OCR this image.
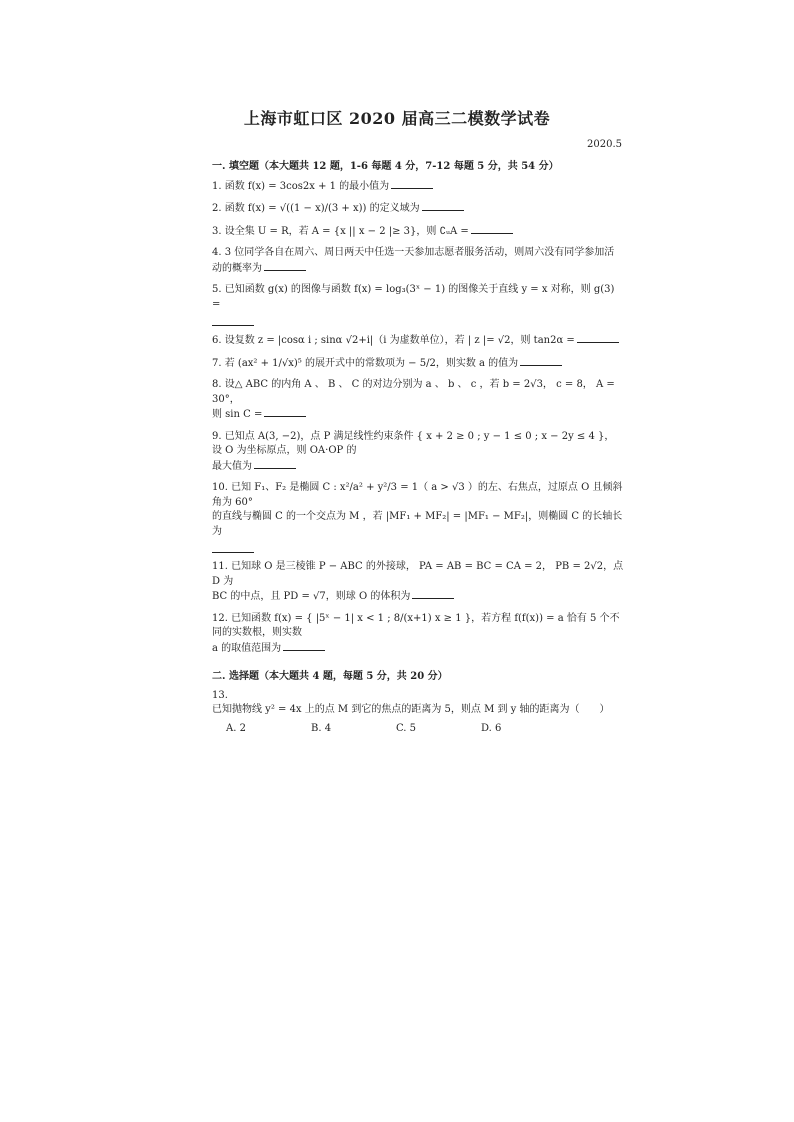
上海市虹口区 2020 届高三二模数学试卷
2020.5
一. 填空题（本大题共 12 题，1-6 每题 4 分，7-12 每题 5 分，共 54 分）
1. 函数 f(x) = 3cos2x + 1 的最小值为
2. 函数 f(x) = √((1 − x)/(3 + x)) 的定义域为
3. 设全集 U = R，若 A = {x || x − 2 |≥ 3}，则 ∁ᵤA =
4. 3 位同学各自在周六、周日两天中任选一天参加志愿者服务活动，则周六没有同学参加活
动的概率为
5. 已知函数 g(x) 的图像与函数 f(x) = log₃(3ˣ − 1) 的图像关于直线 y = x 对称，则 g(3) =
6. 设复数 z = |cosα i ; sinα √2+i|（i 为虚数单位），若 | z |= √2，则 tan2α =
7. 若 (ax² + 1/√x)⁵ 的展开式中的常数项为 − 5/2，则实数 a 的值为
8. 设△ ABC 的内角 A 、 B 、 C 的对边分别为 a 、 b 、 c ，若 b = 2√3， c = 8， A = 30°，
则 sin C =
9. 已知点 A(3, −2)，点 P 满足线性约束条件 { x + 2 ≥ 0 ; y − 1 ≤ 0 ; x − 2y ≤ 4 }，设 O 为坐标原点，则 OA·OP 的
最大值为
10. 已知 F₁、F₂ 是椭圆 C : x²/a² + y²/3 = 1（ a > √3 ）的左、右焦点，过原点 O 且倾斜角为 60°
的直线与椭圆 C 的一个交点为 M ，若 |MF₁ + MF₂| = |MF₁ − MF₂|，则椭圆 C 的长轴长为
11. 已知球 O 是三棱锥 P − ABC 的外接球， PA = AB = BC = CA = 2， PB = 2√2，点 D 为
BC 的中点，且 PD = √7，则球 O 的体积为
12. 已知函数 f(x) = { |5ˣ − 1| x < 1 ; 8/(x+1) x ≥ 1 }，若方程 f(f(x)) = a 恰有 5 个不同的实数根，则实数
a 的取值范围为
二. 选择题（本大题共 4 题，每题 5 分，共 20 分）
13. 已知抛物线 y² = 4x 上的点 M 到它的焦点的距离为 5，则点 M 到 y 轴的距离为（　　）
A. 2	B. 4	C. 5	D. 6
